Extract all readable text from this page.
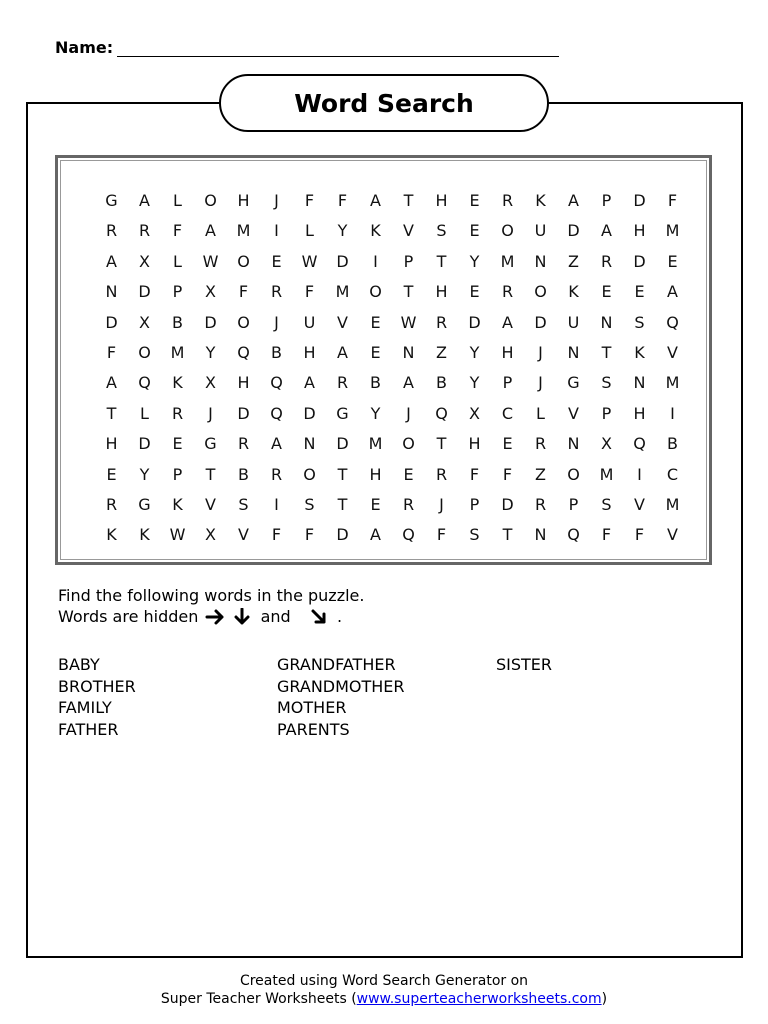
Name:
Word Search
G	A	L	O	H	J	F	F	A	T	H	E	R	K	A	P	D	F
R	R	F	A	M	I	L	Y	K	V	S	E	O	U	D	A	H	M
A	X	L	W	O	E	W	D	I	P	T	Y	M	N	Z	R	D	E
N	D	P	X	F	R	F	M	O	T	H	E	R	O	K	E	E	A
D	X	B	D	O	J	U	V	E	W	R	D	A	D	U	N	S	Q
F	O	M	Y	Q	B	H	A	E	N	Z	Y	H	J	N	T	K	V
A	Q	K	X	H	Q	A	R	B	A	B	Y	P	J	G	S	N	M
T	L	R	J	D	Q	D	G	Y	J	Q	X	C	L	V	P	H	I
H	D	E	G	R	A	N	D	M	O	T	H	E	R	N	X	Q	B
E	Y	P	T	B	R	O	T	H	E	R	F	F	Z	O	M	I	C
R	G	K	V	S	I	S	T	E	R	J	P	D	R	P	S	V	M
K	K	W	X	V	F	F	D	A	Q	F	S	T	N	Q	F	F	V
Find the following words in the puzzle.
Words are hidden

	and

	.
BABY
BROTHER
FAMILY
FATHER
GRANDFATHER
GRANDMOTHER
MOTHER
PARENTS
SISTER
Created using Word Search Generator on
Super Teacher Worksheets (www.superteacherworksheets.com)
